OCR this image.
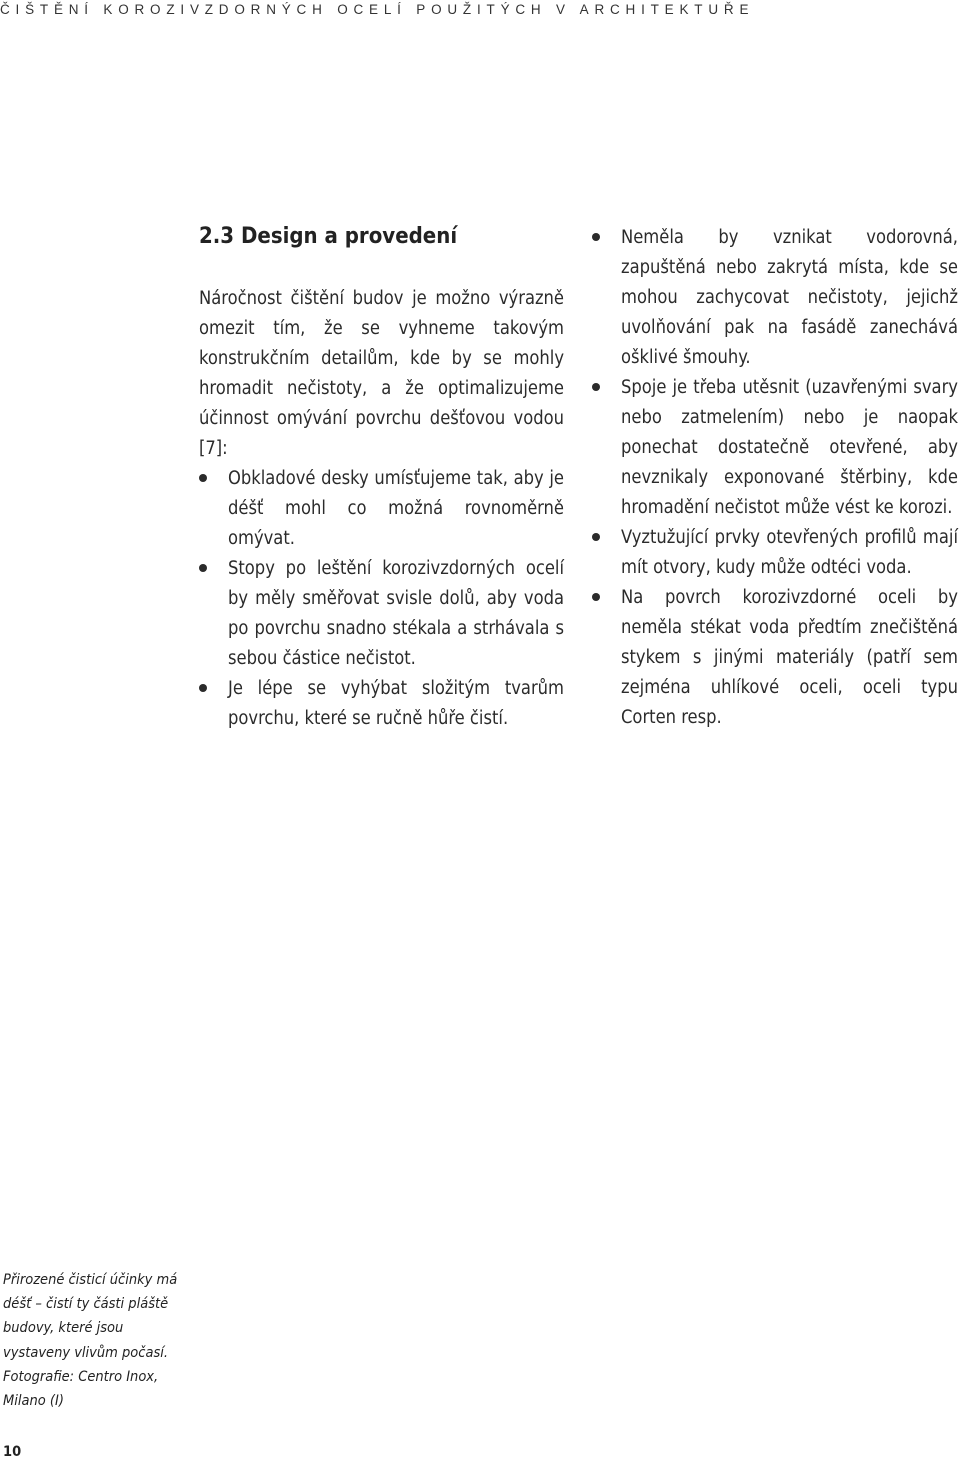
ČIŠTĚNÍ KOROZIVZDORNÝCH OCELÍ POUŽITÝCH V ARCHITEKTUŘE
2.3 Design a provedení

Náročnost čištění budov je možno výrazně omezit tím, že se vyhneme takovým konstrukčním detailům, kde by se mohly hromadit nečistoty, a že optimalizujeme účinnost omývání povrchu dešťovou vodou [7]:

Obkladové desky umísťujeme tak, aby je déšť mohl co možná rovnoměrně omývat.
Stopy po leštění korozivzdorných ocelí by měly směřovat svisle dolů, aby voda po povrchu snadno stékala a strhávala s sebou částice nečistot.
Je lépe se vyhýbat složitým tvarům povrchu, které se ručně hůře čistí.
Neměla by vznikat vodorovná, zapuštěná nebo zakrytá místa, kde se mohou zachycovat nečistoty, jejichž uvolňování pak na fasádě zanechává ošklivé šmouhy.
Spoje je třeba utěsnit (uzavřenými svary nebo zatmelením) nebo je naopak ponechat dostatečně otevřené, aby nevznikaly exponované štěrbiny, kde hromadění nečistot může vést ke korozi.
Vyztužující prvky otevřených profilů mají mít otvory, kudy může odtéci voda.
Na povrch korozivzdorné oceli by neměla stékat voda předtím znečištěná stykem s jinými materiály (patří sem zejména uhlíkové oceli, oceli typu Corten resp.

Přirozené čisticí účinky má déšť – čistí ty části pláště budovy, které jsou vystaveny vlivům počasí. Fotografie: Centro Inox, Milano (I)

10
